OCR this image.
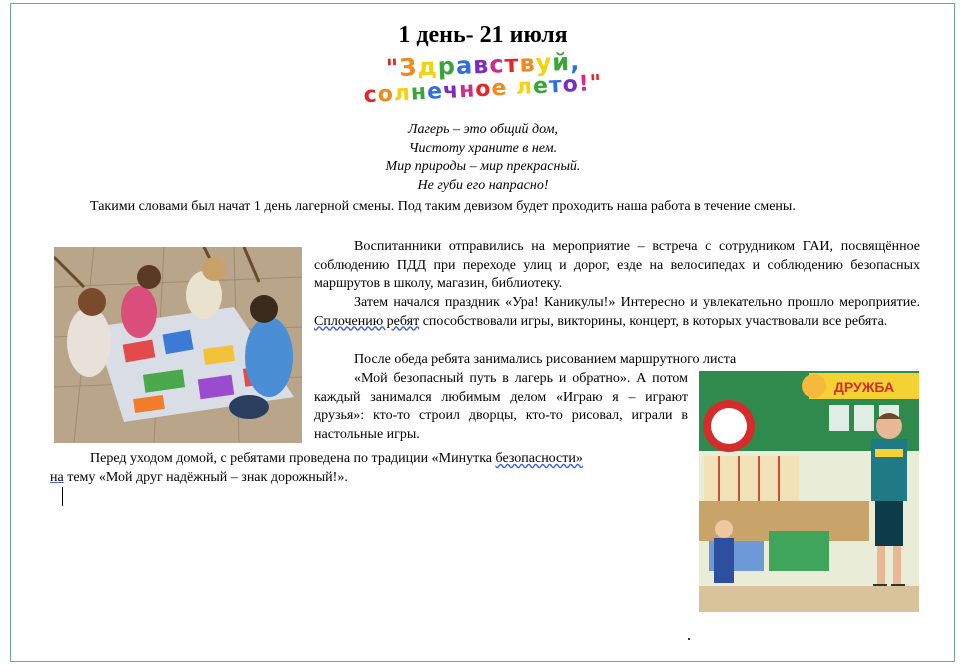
1 день- 21 июля
"Здравствуй,
солнечное лето!"
Лагерь – это общий дом,
Чистоту храните в нем.
Мир природы – мир прекрасный.
Не губи его напрасно!

Такими словами был начат 1 день лагерной смены. Под таким девизом будет проходить наша работа в течение смены.

Воспитанники отправились на мероприятие – встреча с сотрудником ГАИ, посвящённое соблюдению ПДД при переходе улиц и дорог, езде на велосипедах и соблюдению безопасных маршрутов в школу, магазин, библиотеку.

Затем начался праздник «Ура! Каникулы!» Интересно и увлекательно прошло мероприятие. Сплочению ребят способствовали игры, викторины, концерт, в которых участвовали все ребята.

После обеда ребята занимались рисованием маршрутного листа

«Мой безопасный путь в лагерь и обратно». А потом каждый занимался любимым делом «Играю я – играют друзья»: кто-то строил дворцы, кто-то рисовал, играли в настольные игры.

ДРУЖБА

Перед уходом домой, с ребятами проведена по традиции «Минутка безопасности»
на тему «Мой друг надёжный – знак дорожный!».
